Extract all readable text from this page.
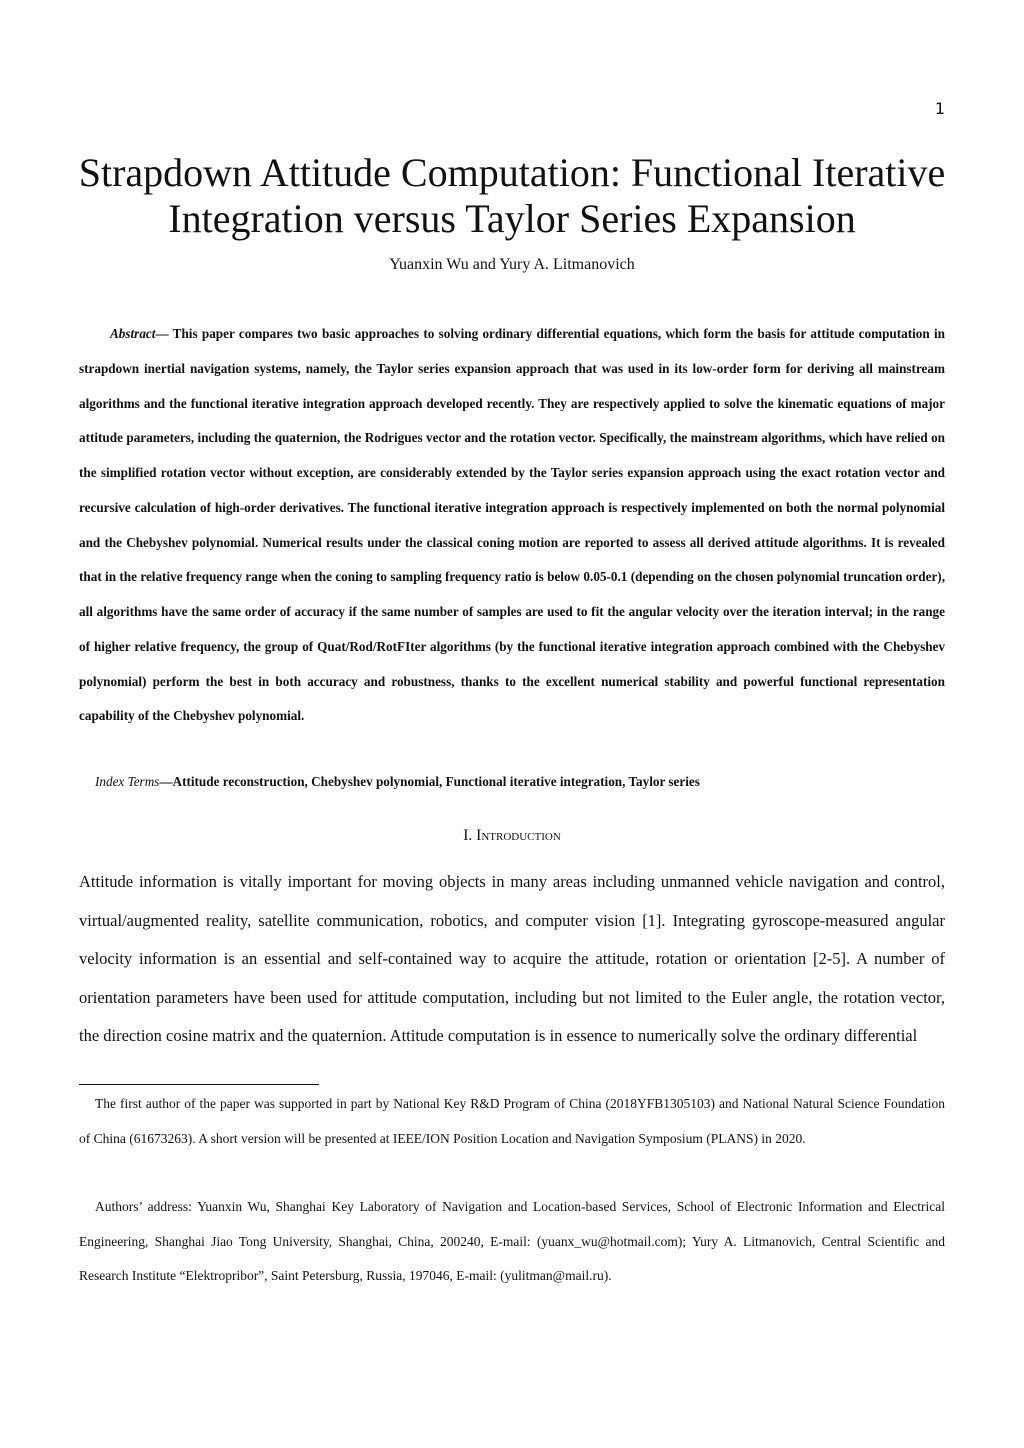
1
Strapdown Attitude Computation: Functional Iterative Integration versus Taylor Series Expansion
Yuanxin Wu and Yury A. Litmanovich

Abstract— This paper compares two basic approaches to solving ordinary differential equations, which form the basis for attitude computation in strapdown inertial navigation systems, namely, the Taylor series expansion approach that was used in its low-order form for deriving all mainstream algorithms and the functional iterative integration approach developed recently. They are respectively applied to solve the kinematic equations of major attitude parameters, including the quaternion, the Rodrigues vector and the rotation vector. Specifically, the mainstream algorithms, which have relied on the simplified rotation vector without exception, are considerably extended by the Taylor series expansion approach using the exact rotation vector and recursive calculation of high-order derivatives. The functional iterative integration approach is respectively implemented on both the normal polynomial and the Chebyshev polynomial. Numerical results under the classical coning motion are reported to assess all derived attitude algorithms. It is revealed that in the relative frequency range when the coning to sampling frequency ratio is below 0.05-0.1 (depending on the chosen polynomial truncation order), all algorithms have the same order of accuracy if the same number of samples are used to fit the angular velocity over the iteration interval; in the range of higher relative frequency, the group of Quat/Rod/RotFIter algorithms (by the functional iterative integration approach combined with the Chebyshev polynomial) perform the best in both accuracy and robustness, thanks to the excellent numerical stability and powerful functional representation capability of the Chebyshev polynomial.

Index Terms—Attitude reconstruction, Chebyshev polynomial, Functional iterative integration, Taylor series

I. Introduction

Attitude information is vitally important for moving objects in many areas including unmanned vehicle navigation and control, virtual/augmented reality, satellite communication, robotics, and computer vision [1]. Integrating gyroscope-measured angular velocity information is an essential and self-contained way to acquire the attitude, rotation or orientation [2-5]. A number of orientation parameters have been used for attitude computation, including but not limited to the Euler angle, the rotation vector, the direction cosine matrix and the quaternion. Attitude computation is in essence to numerically solve the ordinary differential

The first author of the paper was supported in part by National Key R&D Program of China (2018YFB1305103) and National Natural Science Foundation of China (61673263). A short version will be presented at IEEE/ION Position Location and Navigation Symposium (PLANS) in 2020.

Authors’ address: Yuanxin Wu, Shanghai Key Laboratory of Navigation and Location-based Services, School of Electronic Information and Electrical Engineering, Shanghai Jiao Tong University, Shanghai, China, 200240, E-mail: (yuanx_wu@hotmail.com); Yury A. Litmanovich, Central Scientific and Research Institute “Elektropribor”, Saint Petersburg, Russia, 197046, E-mail: (yulitman@mail.ru).
